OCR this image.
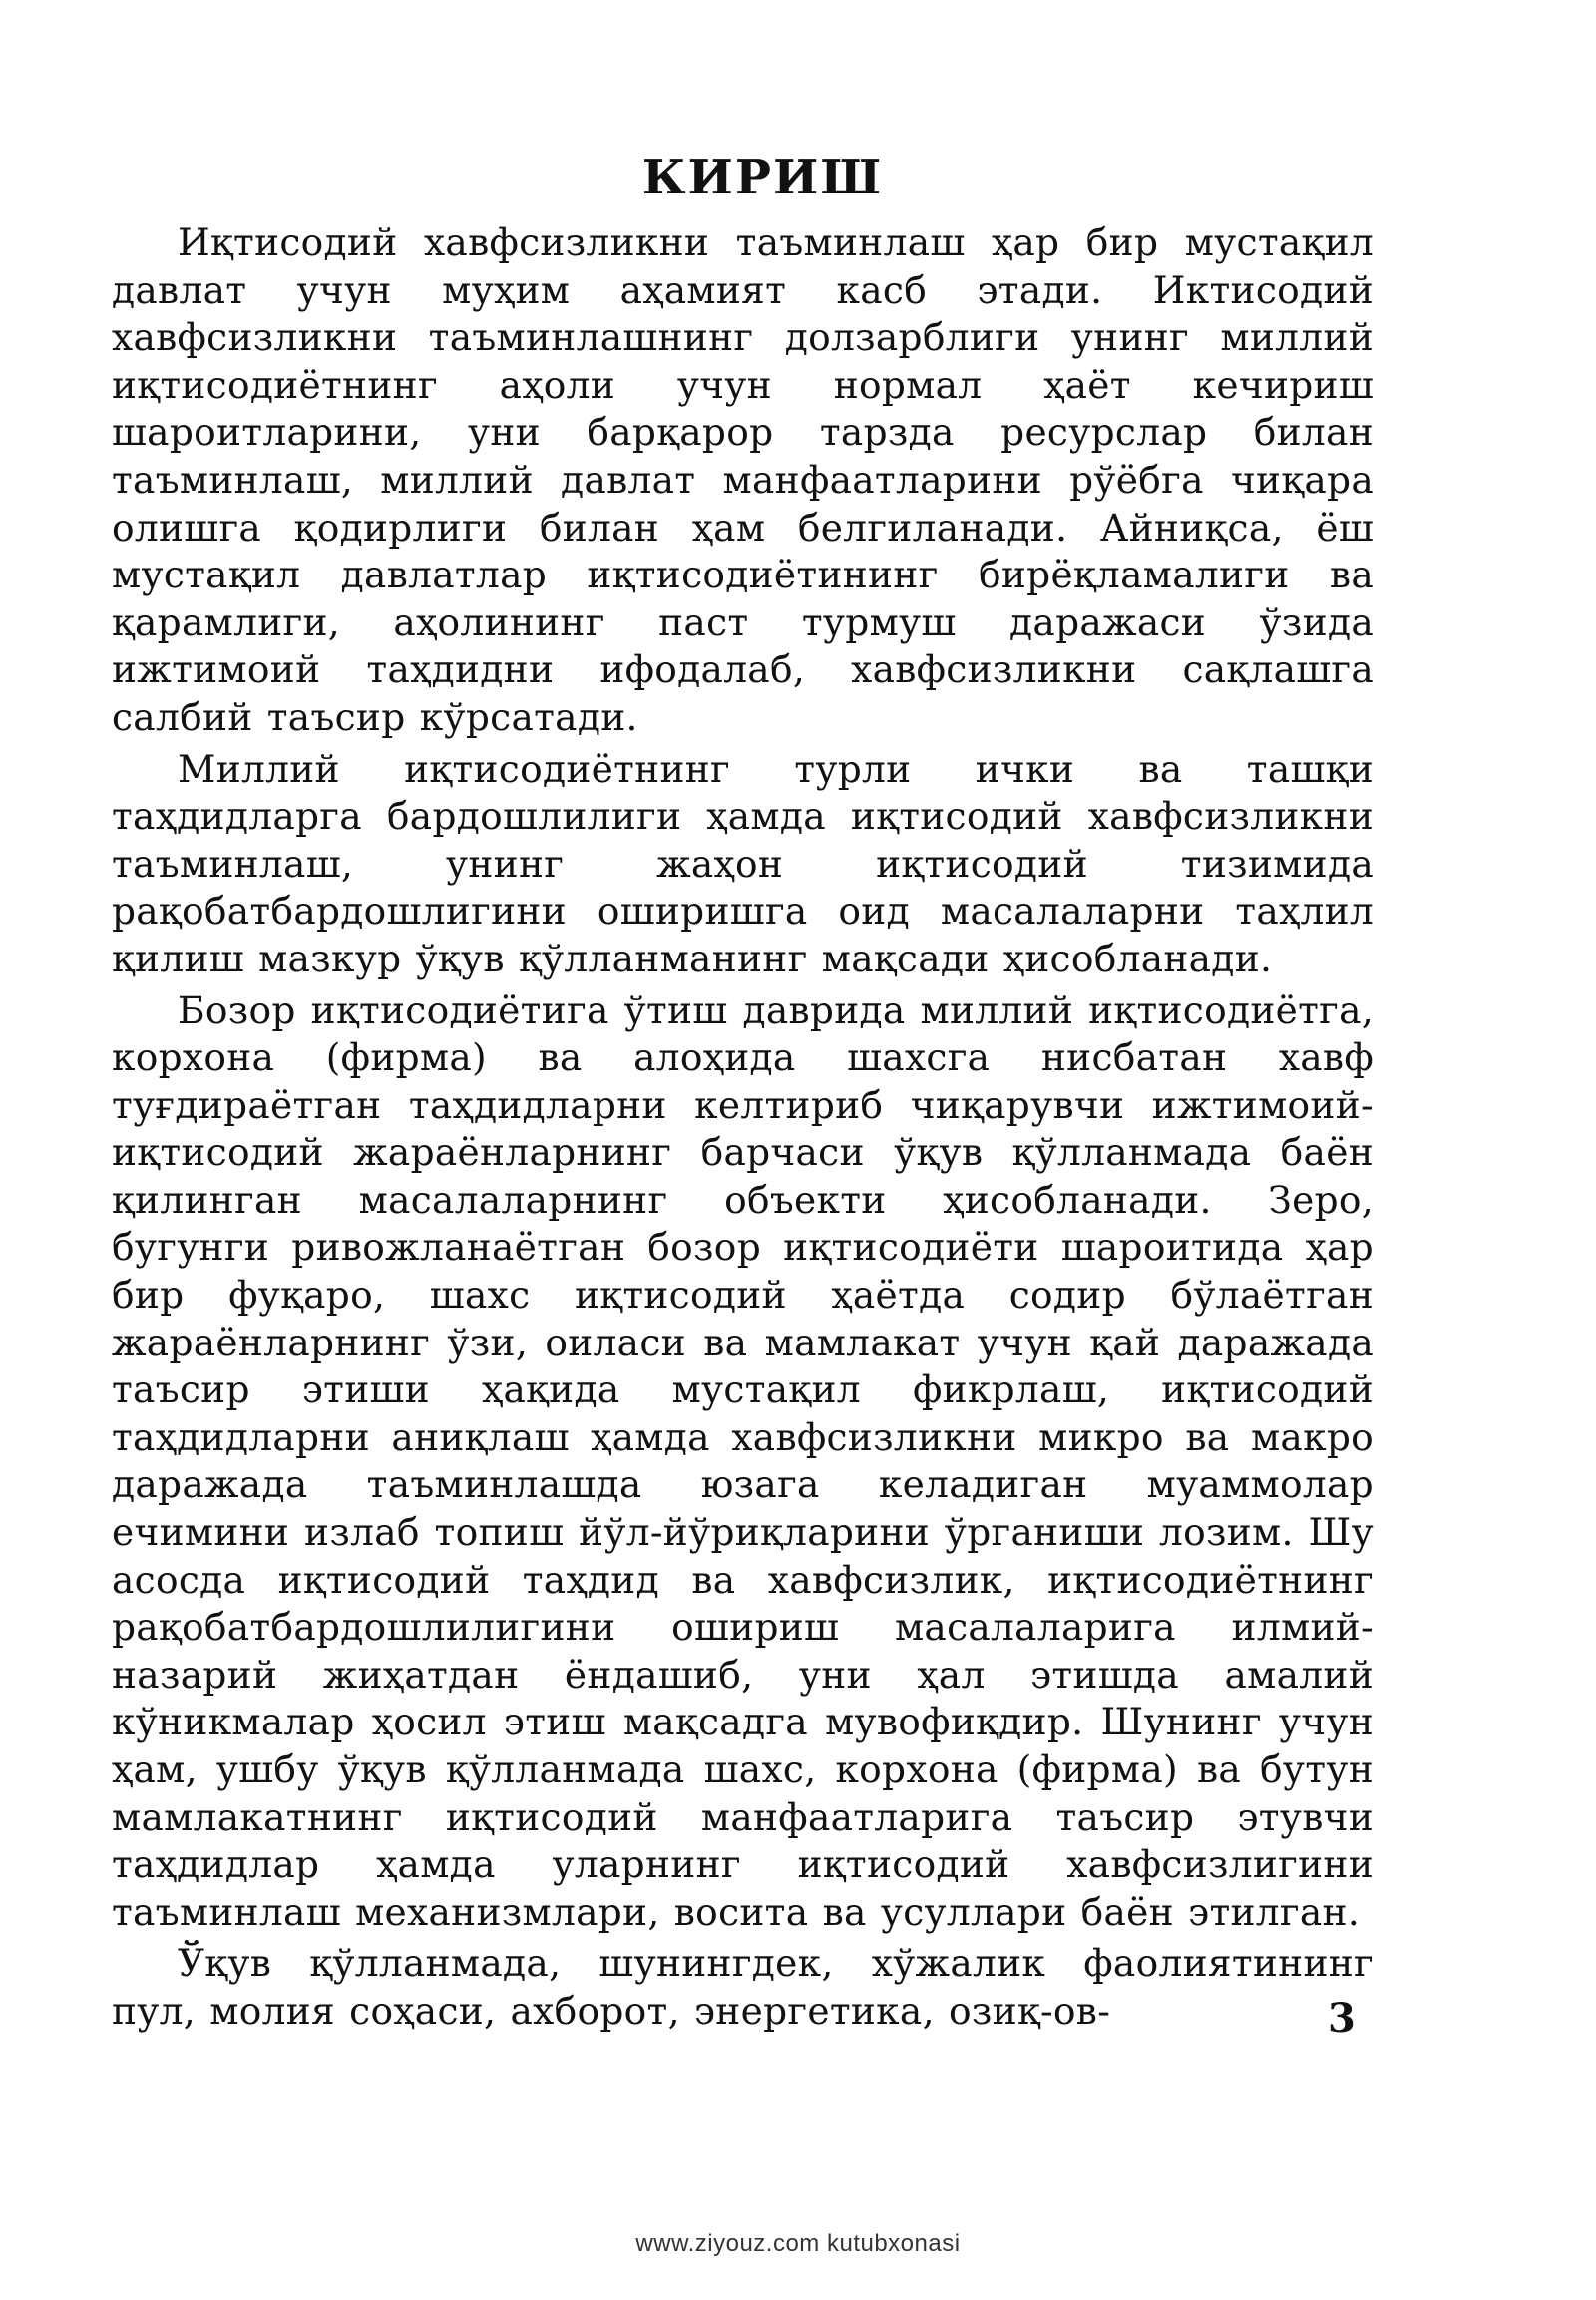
КИРИШ

Иқтисодий хавфсизликни таъминлаш ҳар бир мустақил давлат учун муҳим аҳамият касб этади. Иктисодий хавфсизликни таъминлашнинг долзарблиги унинг миллий иқтисодиётнинг аҳоли учун нормал ҳаёт кечириш шароитларини, уни барқарор тарзда ресурслар билан таъминлаш, миллий давлат манфаатларини рўёбга чиқара олишга қодирлиги билан ҳам белгиланади. Айниқса, ёш мустақил давлатлар иқтисодиётининг бирёқламалиги ва қарамлиги, аҳолининг паст турмуш даражаси ўзида ижтимоий таҳдидни ифодалаб, хавфсизликни сақлашга салбий таъсир кўрсатади.

Миллий иқтисодиётнинг турли ички ва ташқи таҳдидларга бардошлилиги ҳамда иқтисодий хавфсизликни таъминлаш, унинг жаҳон иқтисодий тизимида рақобатбардошлигини оширишга оид масалаларни таҳлил қилиш мазкур ўқув қўлланманинг мақсади ҳисобланади.

Бозор иқтисодиётига ўтиш даврида миллий иқтисодиётга, корхона (фирма) ва алоҳида шахсга нисбатан хавф туғдираётган таҳдидларни келтириб чиқарувчи ижтимоий-иқтисодий жараёнларнинг барчаси ўқув қўлланмада баён қилинган масалаларнинг объекти ҳисобланади. Зеро, бугунги ривожланаётган бозор иқтисодиёти шароитида ҳар бир фуқаро, шахс иқтисодий ҳаётда содир бўлаётган жараёнларнинг ўзи, оиласи ва мамлакат учун қай даражада таъсир этиши ҳақида мустақил фикрлаш, иқтисодий таҳдидларни аниқлаш ҳамда хавфсизликни микро ва макро даражада таъминлашда юзага келадиган муаммолар ечимини излаб топиш йўл-йўриқларини ўрганиши лозим. Шу асосда иқтисодий таҳдид ва хавфсизлик, иқтисодиётнинг рақобатбардошлилигини ошириш масалаларига илмий-назарий жиҳатдан ёндашиб, уни ҳал этишда амалий кўникмалар ҳосил этиш мақсадга мувофиқдир. Шунинг учун ҳам, ушбу ўқув қўлланмада шахс, корхона (фирма) ва бутун мамлакатнинг иқтисодий манфаатларига таъсир этувчи таҳдидлар ҳамда уларнинг иқтисодий хавфсизлигини таъминлаш механизмлари, восита ва усуллари баён этилган.

Ўқув қўлланмада, шунингдек, хўжалик фаолиятининг пул, молия соҳаси, ахборот, энергетика, озиқ-ов-	3
www.ziyouz.com kutubxonasi
